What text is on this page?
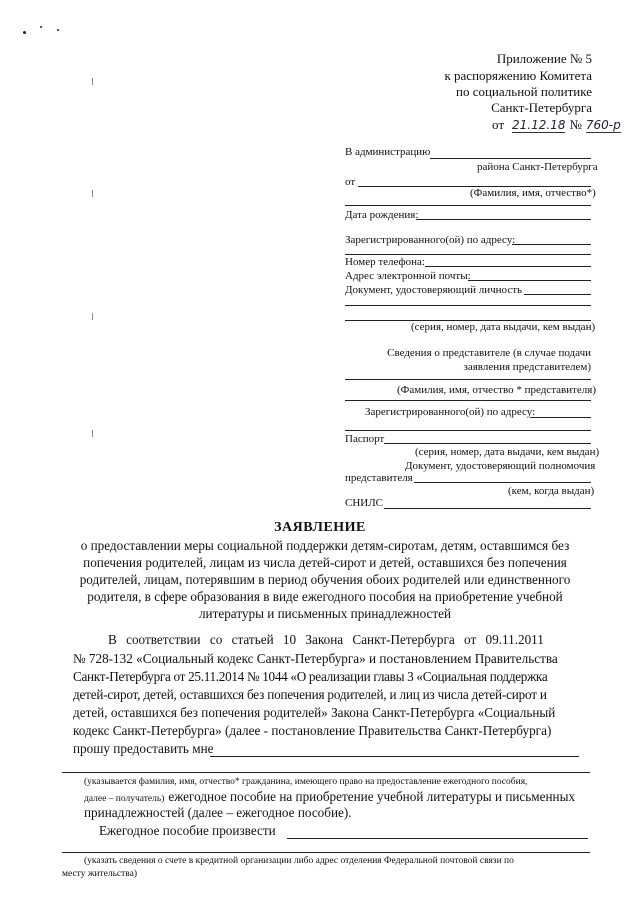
Приложение № 5
к распоряжению Комитета
по социальной политике
Санкт-Петербурга
от 21.12.18 № 760-р
В администрацию
района Санкт-Петербурга
от
(Фамилия, имя, отчество*)
Дата рождения:
Зарегистрированного(ой) по адресу:
Номер телефона:
Адрес электронной почты:
Документ, удостоверяющий личность
(серия, номер, дата выдачи, кем выдан)
Сведения о представителе (в случае подачи
заявления представителем)
(Фамилия, имя, отчество * представителя)
Зарегистрированного(ой) по адресу:
Паспорт
(серия, номер, дата выдачи, кем выдан)
Документ, удостоверяющий полномочия
представителя
(кем, когда выдан)
СНИЛС
ЗАЯВЛЕНИЕ
о предоставлении меры социальной поддержки детям-сиротам, детям, оставшимся без
попечения родителей, лицам из числа детей-сирот и детей, оставшихся без попечения
родителей, лицам, потерявшим в период обучения обоих родителей или единственного
родителя, в сфере образования в виде ежегодного пособия на приобретение учебной
литературы и письменных принадлежностей
В соответствии со статьей 10 Закона Санкт-Петербурга от 09.11.2011
№ 728-132 «Социальный кодекс Санкт-Петербурга» и постановлением Правительства
Санкт-Петербурга от 25.11.2014 № 1044 «О реализации главы 3 «Социальная поддержка
детей-сирот, детей, оставшихся без попечения родителей, и лиц из числа детей-сирот и
детей, оставшихся без попечения родителей» Закона Санкт-Петербурга «Социальный
кодекс Санкт-Петербурга» (далее - постановление Правительства Санкт-Петербурга)
прошу предоставить мне
(указывается фамилия, имя, отчество* гражданина, имеющего право на предоставление ежегодного пособия,
далее – получатель) ежегодное пособие на приобретение учебной литературы и письменных
принадлежностей (далее – ежегодное пособие).
Ежегодное пособие произвести
(указать сведения о счете в кредитной организации либо адрес отделения Федеральной почтовой связи по
месту жительства)
